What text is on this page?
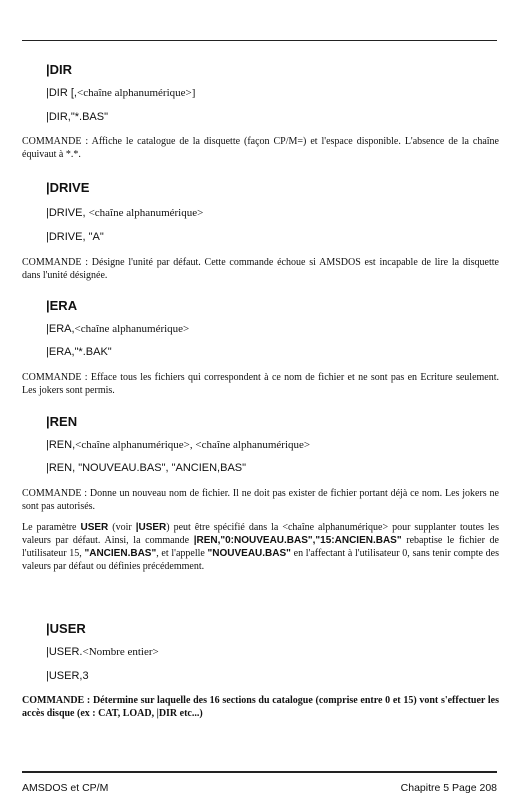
|DIR
|DIR [,<chaîne alphanumérique>]
|DIR,"*.BAS"
COMMANDE : Affiche le catalogue de la disquette (façon CP/M=) et l'espace disponible. L'absence de la chaîne équivaut à *.*.
|DRIVE
|DRIVE, <chaîne alphanumérique>
|DRIVE, "A"
COMMANDE : Désigne l'unité par défaut. Cette commande échoue si AMSDOS est incapable de lire la disquette dans l'unité désignée.
|ERA
|ERA,<chaîne alphanumérique>
|ERA,"*.BAK"
COMMANDE : Efface tous les fichiers qui correspondent à ce nom de fichier et ne sont pas en Ecriture seulement. Les jokers sont permis.
|REN
|REN,<chaîne alphanumérique>, <chaîne alphanumérique>
|REN, "NOUVEAU.BAS", "ANCIEN,BAS"
COMMANDE : Donne un nouveau nom de fichier. Il ne doit pas exister de fichier portant déjà ce nom. Les jokers ne sont pas autorisés.
Le paramètre USER (voir |USER) peut être spécifié dans la <chaîne alphanumérique> pour supplanter toutes les valeurs par défaut. Ainsi, la commande |REN,"0:NOUVEAU.BAS","15:ANCIEN.BAS" rebaptise le fichier de l'utilisateur 15, "ANCIEN.BAS", et l'appelle "NOUVEAU.BAS" en l'affectant à l'utilisateur 0, sans tenir compte des valeurs par défaut ou définies précédemment.
|USER
|USER.<Nombre entier>
|USER,3
COMMANDE : Détermine sur laquelle des 16 sections du catalogue (comprise entre 0 et 15) vont s'effectuer les accès disque (ex : CAT, LOAD, |DIR etc...)
AMSDOS et CP/M	Chapitre 5 Page 208
